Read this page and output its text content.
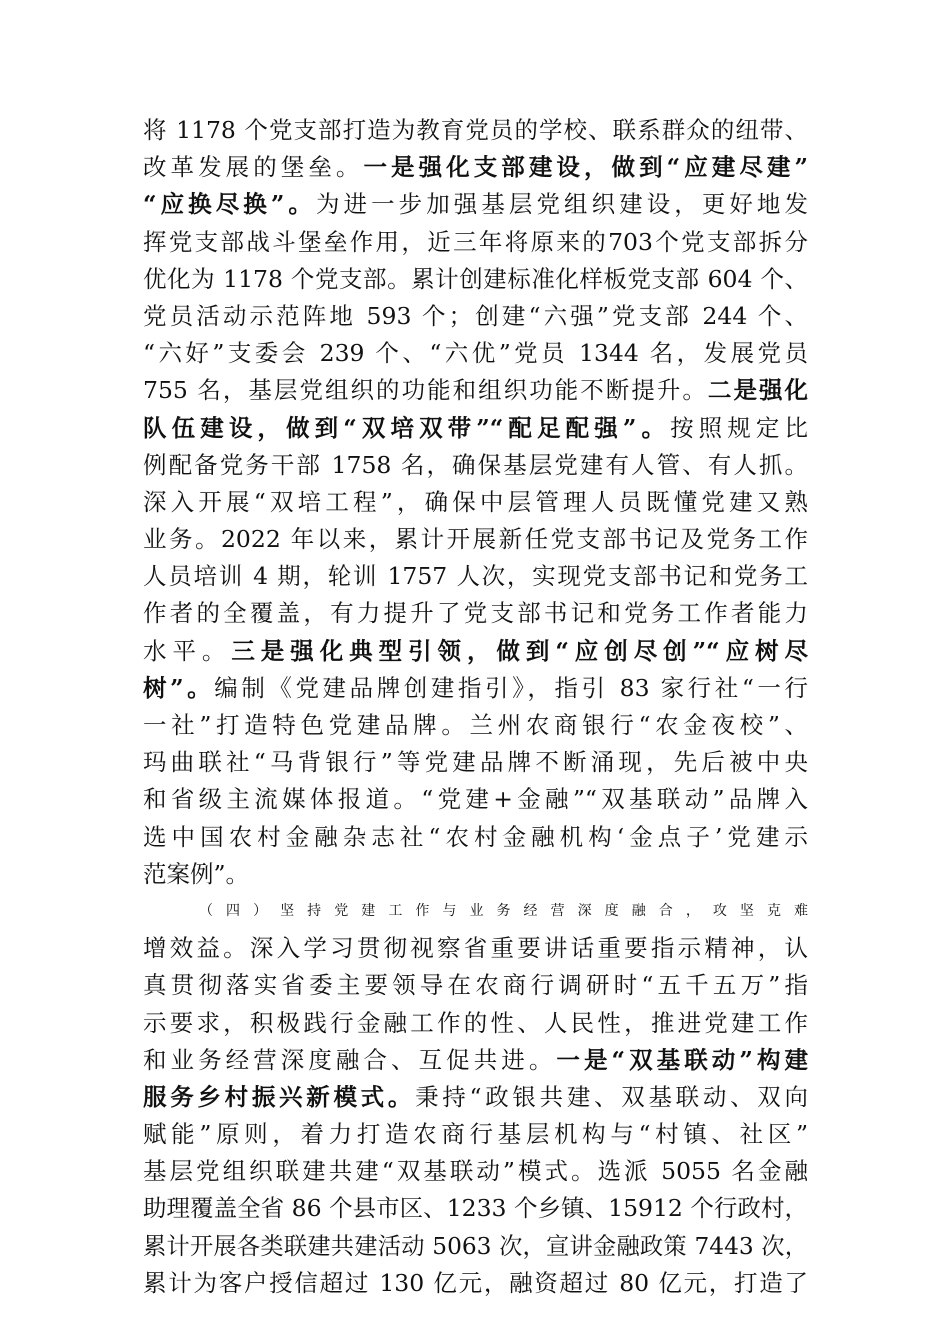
将 1178 个党支部打造为教育党员的学校、联系群众的纽带、
改革发展的堡垒。一是强化支部建设，做到“应建尽建”
“应换尽换”。为进一步加强基层党组织建设，更好地发
挥党支部战斗堡垒作用，近三年将原来的703个党支部拆分
优化为 1178 个党支部。累计创建标准化样板党支部 604 个、
党员活动示范阵地 593 个；创建“六强”党支部 244 个、
“六好”支委会 239 个、“六优”党员 1344 名，发展党员
755 名，基层党组织的功能和组织功能不断提升。二是强化
队伍建设，做到“双培双带”“配足配强”。按照规定比
例配备党务干部 1758 名，确保基层党建有人管、有人抓。
深入开展“双培工程”，确保中层管理人员既懂党建又熟
业务。2022 年以来，累计开展新任党支部书记及党务工作
人员培训 4 期，轮训 1757 人次，实现党支部书记和党务工
作者的全覆盖，有力提升了党支部书记和党务工作者能力
水平。三是强化典型引领，做到“应创尽创”“应树尽
树”。编制《党建品牌创建指引》，指引 83 家行社“一行
一社”打造特色党建品牌。兰州农商银行“农金夜校”、
玛曲联社“马背银行”等党建品牌不断涌现，先后被中央
和省级主流媒体报道。“党建+金融”“双基联动”品牌入
选中国农村金融杂志社“农村金融机构‘金点子’党建示
范案例”。
（四）坚持党建工作与业务经营深度融合，攻坚克难
增效益。深入学习贯彻视察省重要讲话重要指示精神，认
真贯彻落实省委主要领导在农商行调研时“五千五万”指
示要求，积极践行金融工作的性、人民性，推进党建工作
和业务经营深度融合、互促共进。一是“双基联动”构建
服务乡村振兴新模式。秉持“政银共建、双基联动、双向
赋能”原则，着力打造农商行基层机构与“村镇、社区”
基层党组织联建共建“双基联动”模式。选派 5055 名金融
助理覆盖全省 86 个县市区、1233 个乡镇、15912 个行政村，
累计开展各类联建共建活动 5063 次，宣讲金融政策 7443 次，
累计为客户授信超过 130 亿元，融资超过 80 亿元，打造了
